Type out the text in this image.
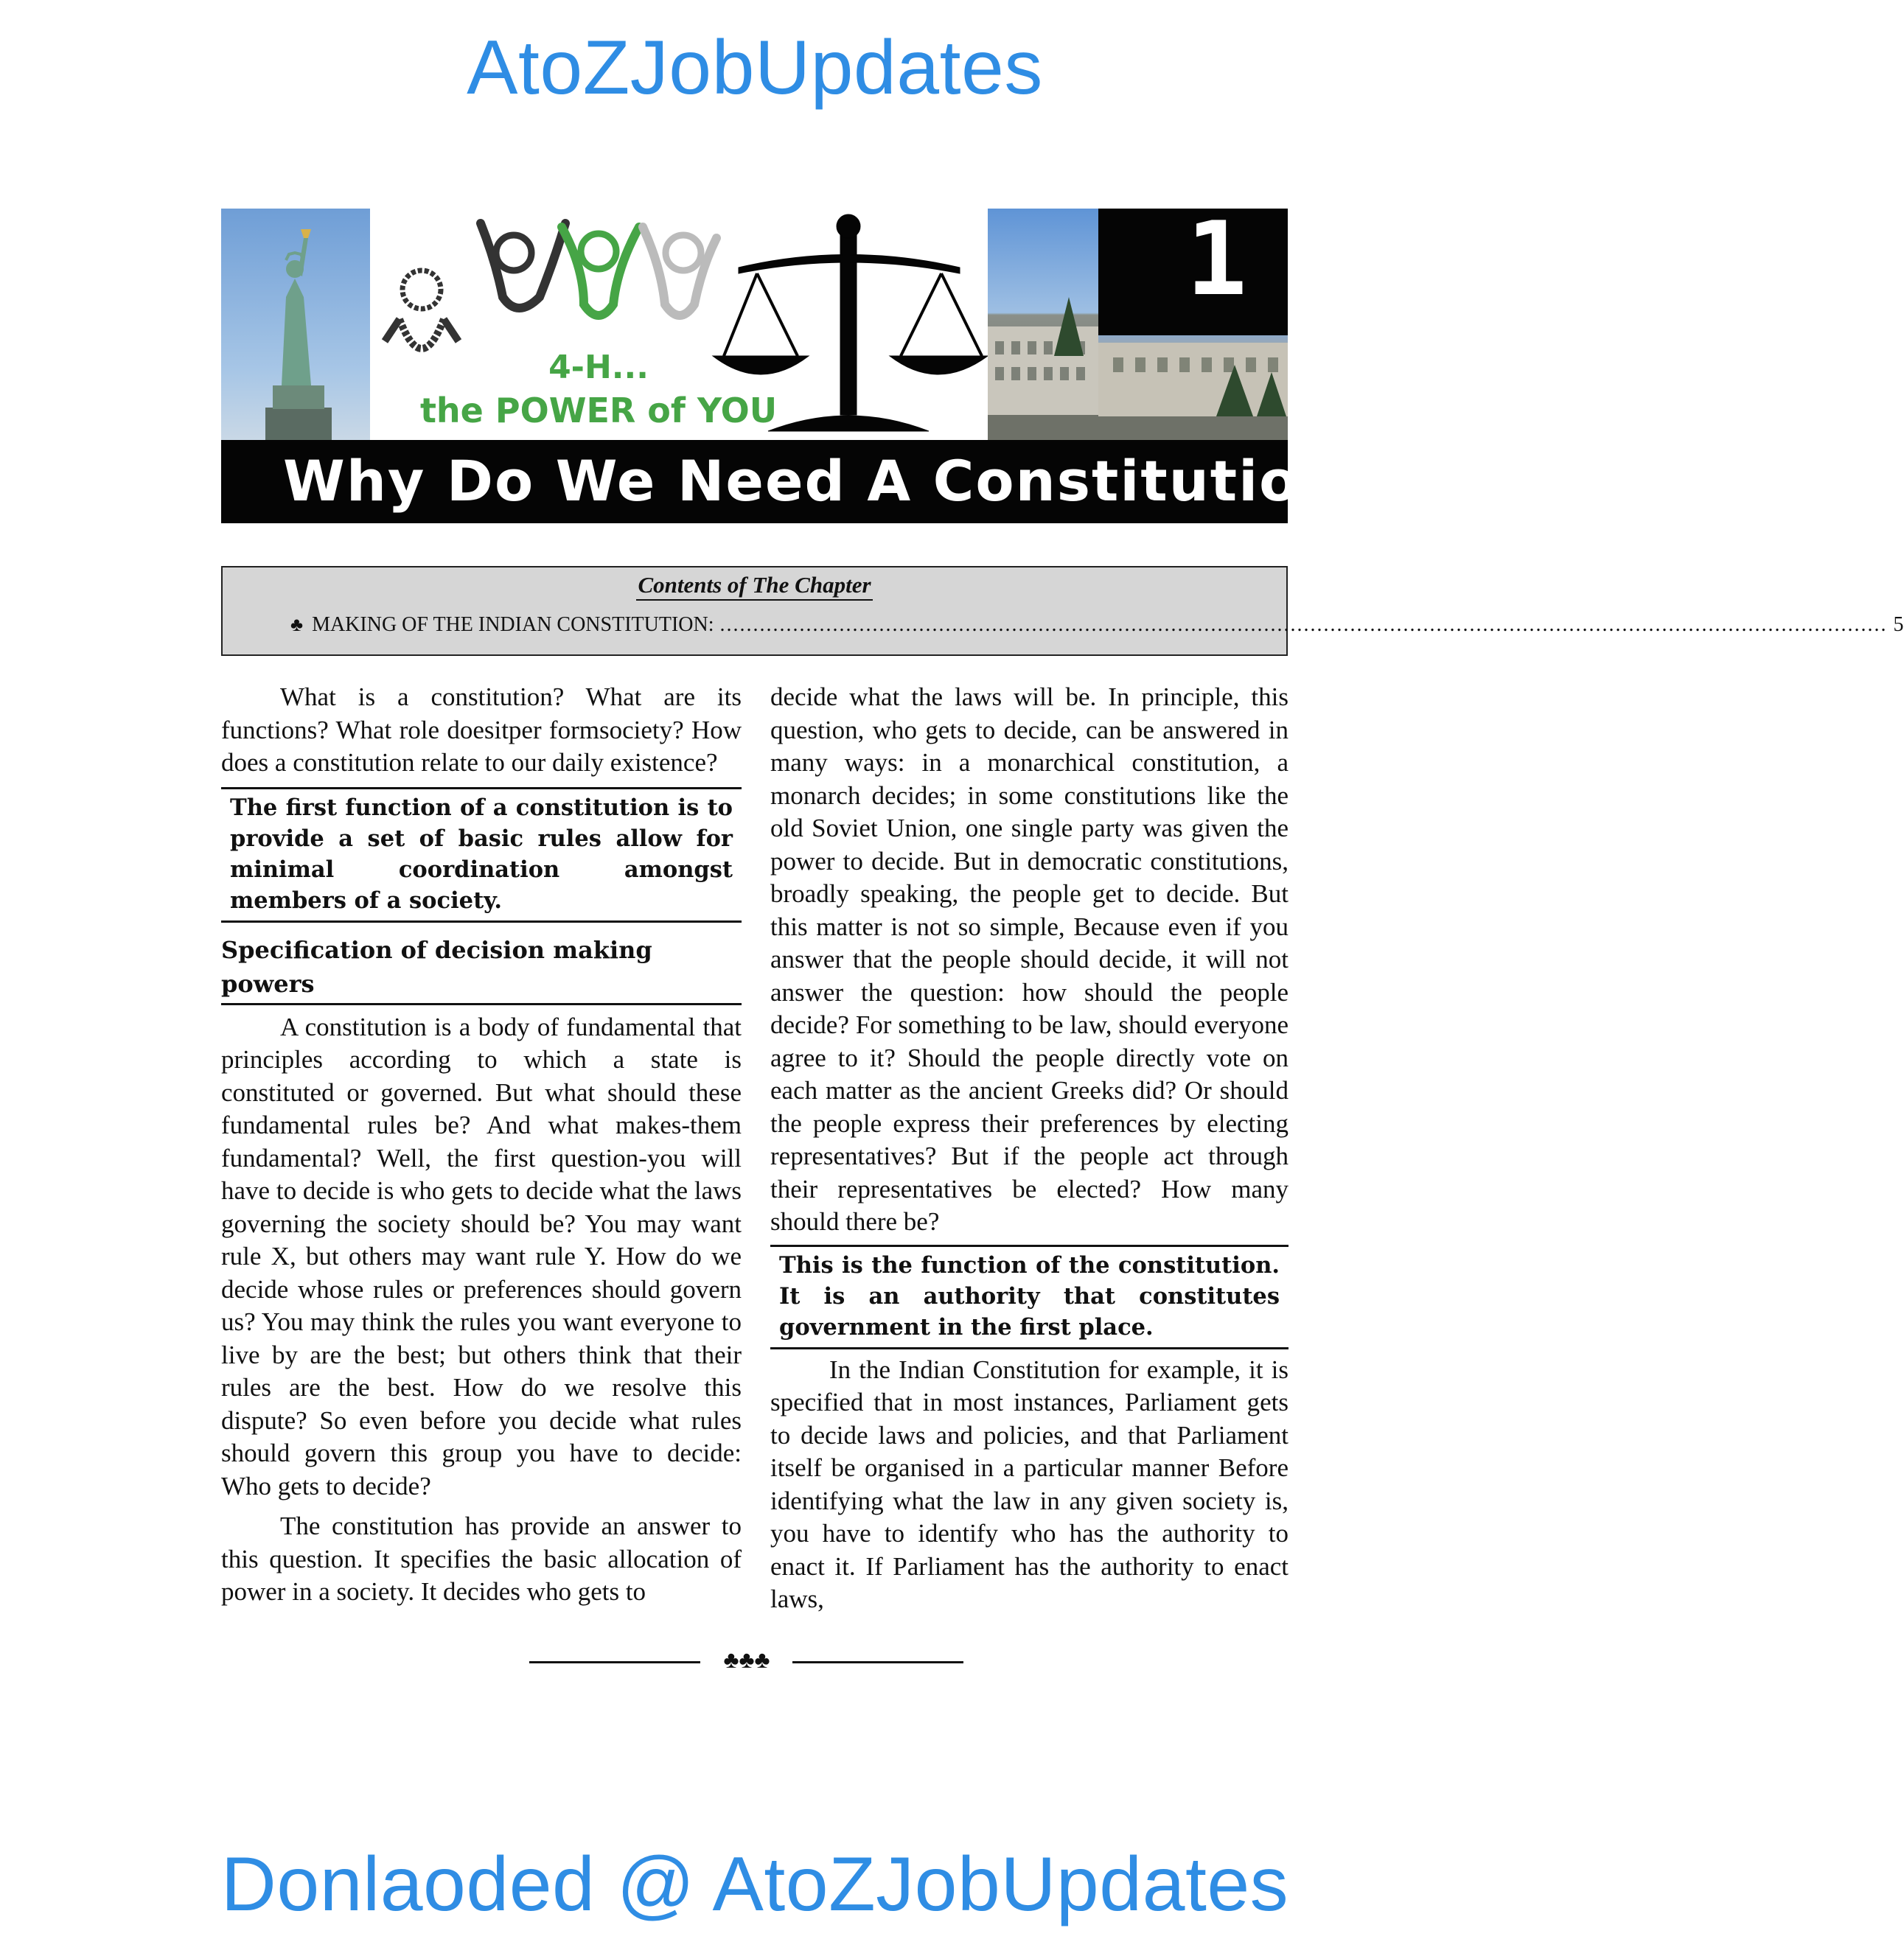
AtoZJobUpdates
4-H...
the POWER of YOU
1
Why Do We Need A Constitution
Contents of The Chapter
♣ MAKING OF THE INDIAN CONSTITUTION:
.....	5

What is a constitution? What are its functions? What role doesitper formsociety? How does a constitution relate to our daily existence?

The first function of a constitution is to provide a set of basic rules allow for minimal coordination amongst members of a society.
Specification of decision making powers

A constitution is a body of fundamental that principles according to which a state is constituted or governed. But what should these fundamental rules be? And what makes-them fundamental? Well, the first question-you will have to decide is who gets to decide what the laws governing the society should be? You may want rule X, but others may want rule Y. How do we decide whose rules or preferences should govern us? You may think the rules you want everyone to live by are the best; but others think that their rules are the best. How do we resolve this dispute? So even before you decide what rules should govern this group you have to decide: Who gets to decide?

The constitution has provide an answer to this question. It specifies the basic allocation of power in a society. It decides who gets to

decide what the laws will be. In principle, this question, who gets to decide, can be answered in many ways: in a monarchical constitution, a monarch decides; in some constitutions like the old Soviet Union, one single party was given the power to decide. But in democratic constitutions, broadly speaking, the people get to decide. But this matter is not so simple, Because even if you answer that the people should decide, it will not answer the question: how should the people decide? For something to be law, should everyone agree to it? Should the people directly vote on each matter as the ancient Greeks did? Or should the people express their preferences by electing representatives? But if the people act through their representatives be elected? How many should there be?

This is the function of the constitution. It is an authority that constitutes government in the first place.

In the Indian Constitution for example, it is specified that in most instances, Parliament gets to decide laws and policies, and that Parliament itself be organised in a particular manner Before identifying what the law in any given society is, you have to identify who has the authority to enact it. If Parliament has the authority to enact laws,

♣♣♣
Donlaoded @ AtoZJobUpdates
